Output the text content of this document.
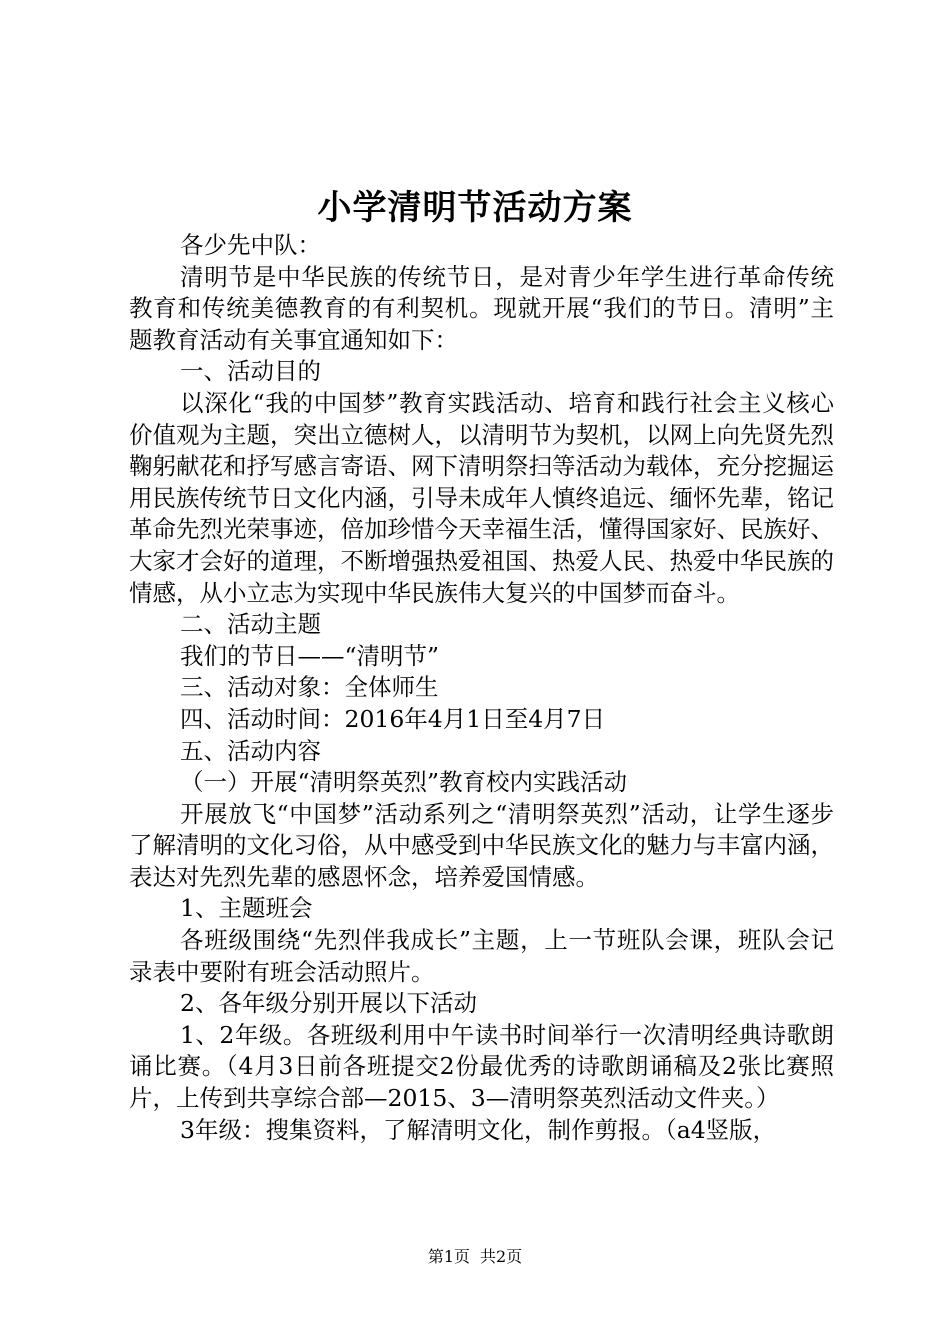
小学清明节活动方案

各少先中队：

清明节是中华民族的传统节日，是对青少年学生进行革命传统教育和传统美德教育的有利契机。现就开展“我们的节日。清明”主题教育活动有关事宜通知如下：

一、活动目的

以深化“我的中国梦”教育实践活动、培育和践行社会主义核心价值观为主题，突出立德树人，以清明节为契机，以网上向先贤先烈鞠躬献花和抒写感言寄语、网下清明祭扫等活动为载体，充分挖掘运用民族传统节日文化内涵，引导未成年人慎终追远、缅怀先辈，铭记革命先烈光荣事迹，倍加珍惜今天幸福生活，懂得国家好、民族好、大家才会好的道理，不断增强热爱祖国、热爱人民、热爱中华民族的情感，从小立志为实现中华民族伟大复兴的中国梦而奋斗。

二、活动主题

我们的节日——“清明节”

三、活动对象：全体师生

四、活动时间：2016年4月1日至4月7日

五、活动内容

（一）开展“清明祭英烈”教育校内实践活动

开展放飞“中国梦”活动系列之“清明祭英烈”活动，让学生逐步了解清明的文化习俗，从中感受到中华民族文化的魅力与丰富内涵，表达对先烈先辈的感恩怀念，培养爱国情感。

1、主题班会

各班级围绕“先烈伴我成长”主题，上一节班队会课，班队会记录表中要附有班会活动照片。

2、各年级分别开展以下活动

1、2年级。各班级利用中午读书时间举行一次清明经典诗歌朗诵比赛。（4月3日前各班提交2份最优秀的诗歌朗诵稿及2张比赛照片，上传到共享综合部—2015、3—清明祭英烈活动文件夹。）

3年级：搜集资料，了解清明文化，制作剪报。（a4竖版，

第1页 共2页
